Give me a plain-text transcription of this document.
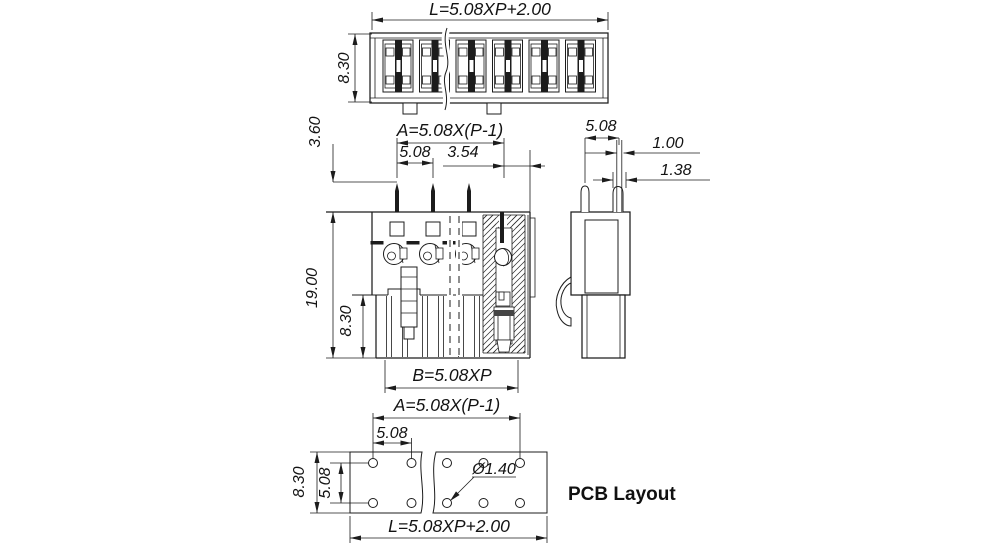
L=5.08XP+2.00
8.30
3.60
19.00
8.30
A=5.08X(P-1)
5.08 3.54
B=5.08XP
5.08
1.00
1.38
A=5.08X(P-1)
5.08
8.30 5.08	Ø1.40
L=5.08XP+2.00
PCB Layout
